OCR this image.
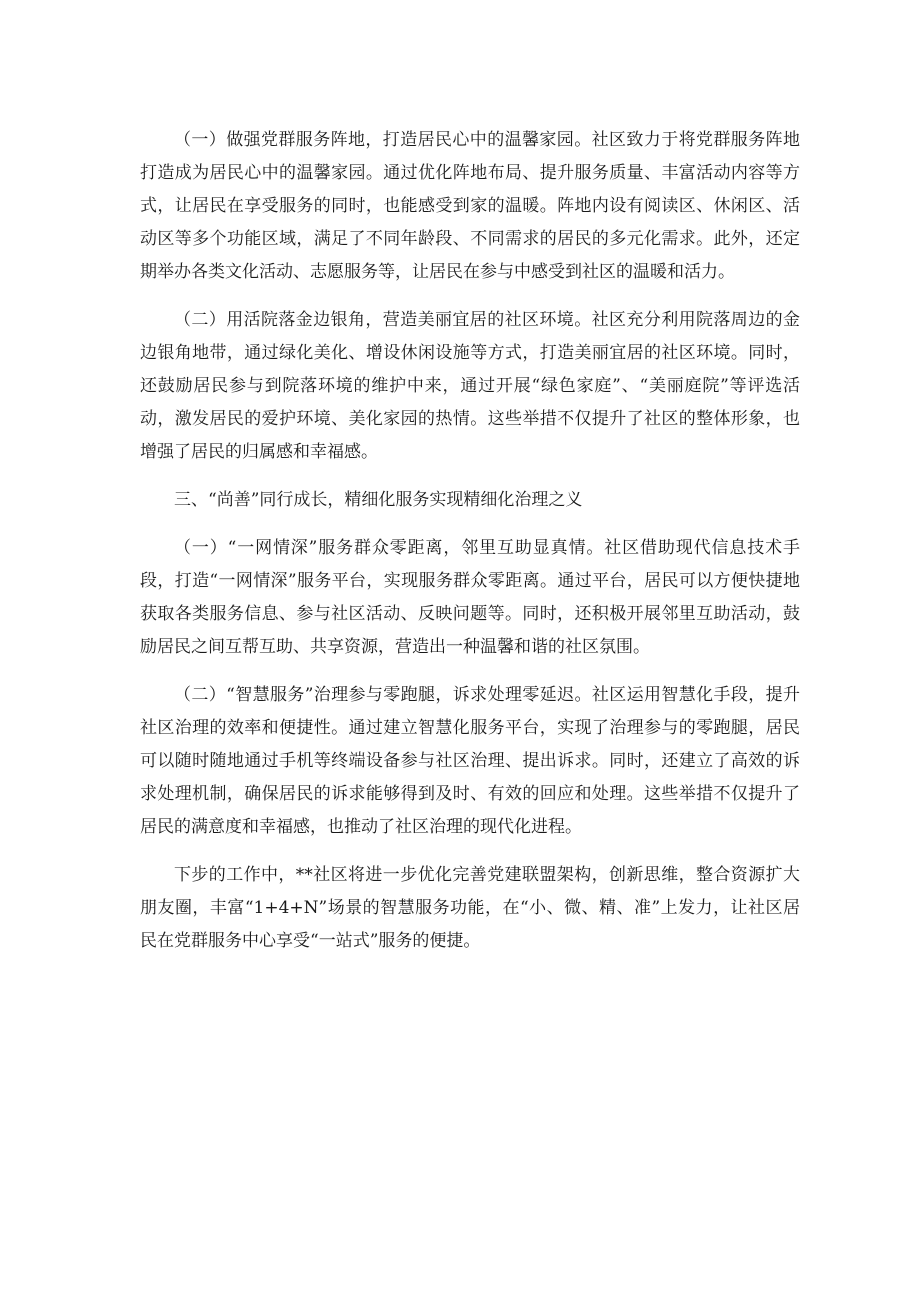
（一）做强党群服务阵地，打造居民心中的温馨家园。社区致力于将党群服务阵地打造成为居民心中的温馨家园。通过优化阵地布局、提升服务质量、丰富活动内容等方式，让居民在享受服务的同时，也能感受到家的温暖。阵地内设有阅读区、休闲区、活动区等多个功能区域，满足了不同年龄段、不同需求的居民的多元化需求。此外，还定期举办各类文化活动、志愿服务等，让居民在参与中感受到社区的温暖和活力。

（二）用活院落金边银角，营造美丽宜居的社区环境。社区充分利用院落周边的金边银角地带，通过绿化美化、增设休闲设施等方式，打造美丽宜居的社区环境。同时，还鼓励居民参与到院落环境的维护中来，通过开展“绿色家庭”、“美丽庭院”等评选活动，激发居民的爱护环境、美化家园的热情。这些举措不仅提升了社区的整体形象，也增强了居民的归属感和幸福感。

三、“尚善”同行成长，精细化服务实现精细化治理之义

（一）“一网情深”服务群众零距离，邻里互助显真情。社区借助现代信息技术手段，打造“一网情深”服务平台，实现服务群众零距离。通过平台，居民可以方便快捷地获取各类服务信息、参与社区活动、反映问题等。同时，还积极开展邻里互助活动，鼓励居民之间互帮互助、共享资源，营造出一种温馨和谐的社区氛围。

（二）“智慧服务”治理参与零跑腿，诉求处理零延迟。社区运用智慧化手段，提升社区治理的效率和便捷性。通过建立智慧化服务平台，实现了治理参与的零跑腿，居民可以随时随地通过手机等终端设备参与社区治理、提出诉求。同时，还建立了高效的诉求处理机制，确保居民的诉求能够得到及时、有效的回应和处理。这些举措不仅提升了居民的满意度和幸福感，也推动了社区治理的现代化进程。

下步的工作中，**社区将进一步优化完善党建联盟架构，创新思维，整合资源扩大朋友圈，丰富“1+4+N”场景的智慧服务功能，在“小、微、精、准”上发力，让社区居民在党群服务中心享受“一站式”服务的便捷。
